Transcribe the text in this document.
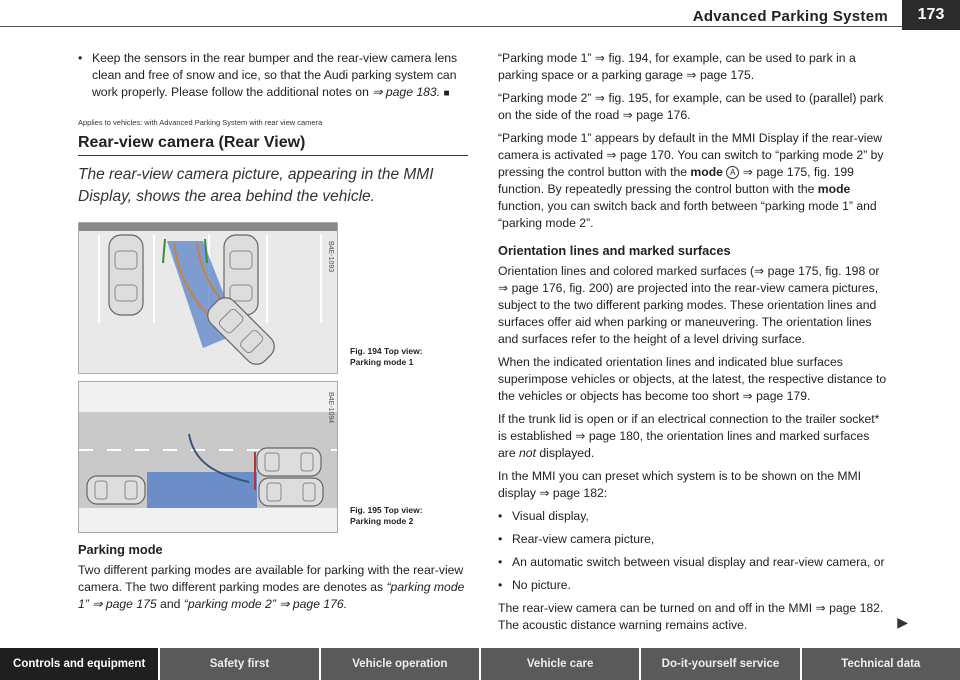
Advanced Parking System	173

• Keep the sensors in the rear bumper and the rear-view camera lens clean and free of snow and ice, so that the Audi parking system can work properly. Please follow the additional notes on ⇒ page 183. ■

Applies to vehicles: with Advanced Parking System with rear view camera
Rear-view camera (Rear View)
The rear-view camera picture, appearing in the MMI Display, shows the area behind the vehicle.
B4E-1093
Fig. 194 Top view:
Parking mode 1
B4E-1094
Fig. 195 Top view:
Parking mode 2
Parking mode

Two different parking modes are available for parking with the rear-view camera. The two different parking modes are denotes as “parking mode 1” ⇒ page 175 and “parking mode 2” ⇒ page 176.

“Parking mode 1” ⇒ fig. 194, for example, can be used to park in a parking space or a parking garage ⇒ page 175.

“Parking mode 2” ⇒ fig. 195, for example, can be used to (parallel) park on the side of the road ⇒ page 176.

“Parking mode 1” appears by default in the MMI Display if the rear-view camera is activated ⇒ page 170. You can switch to “parking mode 2” by pressing the control button with the mode A ⇒ page 175, fig. 199 function. By repeatedly pressing the control button with the mode function, you can switch back and forth between “parking mode 1” and “parking mode 2”.

Orientation lines and marked surfaces

Orientation lines and colored marked surfaces (⇒ page 175, fig. 198 or ⇒ page 176, fig. 200) are projected into the rear-view camera pictures, subject to the two different parking modes. These orientation lines and surfaces offer aid when parking or maneuvering. The orientation lines and surfaces refer to the height of a level driving surface.

When the indicated orientation lines and indicated blue surfaces superimpose vehicles or objects, at the latest, the respective distance to the vehicles or objects has become too short ⇒ page 179.

If the trunk lid is open or if an electrical connection to the trailer socket* is established ⇒ page 180, the orientation lines and marked surfaces are not displayed.

In the MMI you can preset which system is to be shown on the MMI display ⇒ page 182:

• Visual display,

• Rear-view camera picture,

• An automatic switch between visual display and rear-view camera, or

• No picture.

The rear-view camera can be turned on and off in the MMI ⇒ page 182. The acoustic distance warning remains active.	▶
Controls and equipment	Safety first	Vehicle operation	Vehicle care	Do-it-yourself service	Technical data
